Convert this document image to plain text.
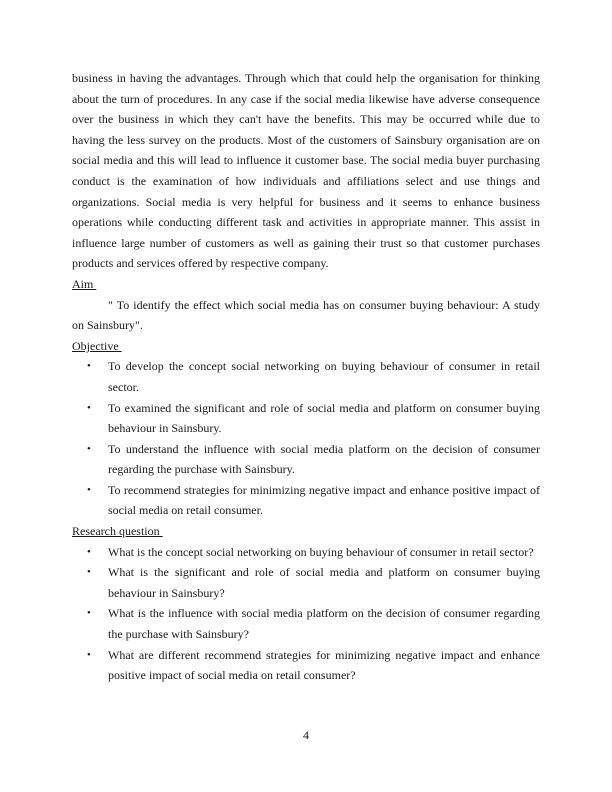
business in having the advantages. Through which that could help the organisation for thinking about the turn of procedures. In any case if the social media likewise have adverse consequence over the business in which they can't have the benefits. This may be occurred while due to having the less survey on the products. Most of the customers of Sainsbury organisation are on social media and this will lead to influence it customer base. The social media buyer purchasing conduct is the examination of how individuals and affiliations select and use things and organizations. Social media is very helpful for business and it seems to enhance business operations while conducting different task and activities in appropriate manner. This assist in influence large number of customers as well as gaining their trust so that customer purchases products and services offered by respective company.

Aim

" To identify the effect which social media has on consumer buying behaviour: A study on Sainsbury".

Objective

• To develop the concept social networking on buying behaviour of consumer in retail sector.
• To examined the significant and role of social media and platform on consumer buying behaviour in Sainsbury.
• To understand the influence with social media platform on the decision of consumer regarding the purchase with Sainsbury.
• To recommend strategies for minimizing negative impact and enhance positive impact of social media on retail consumer.

Research question

• What is the concept social networking on buying behaviour of consumer in retail sector?
• What is the significant and role of social media and platform on consumer buying behaviour in Sainsbury?
• What is the influence with social media platform on the decision of consumer regarding the purchase with Sainsbury?
• What are different recommend strategies for minimizing negative impact and enhance positive impact of social media on retail consumer?
4
